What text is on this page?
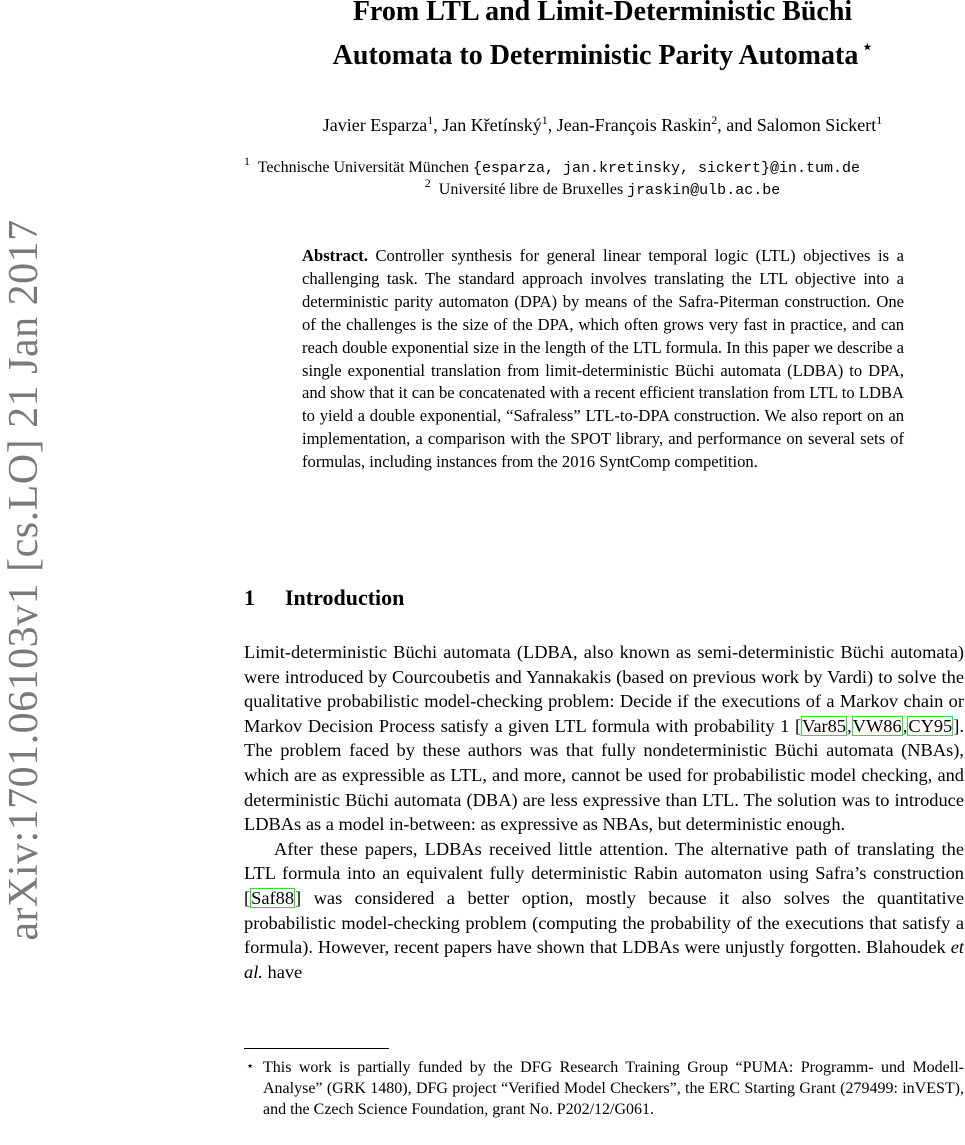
arXiv:1701.06103v1 [cs.LO] 21 Jan 2017
From LTL and Limit-Deterministic Büchi
Automata to Deterministic Parity Automata ⋆
Javier Esparza$^1$, Jan Křetínský$^1$, Jean-François Raskin$^2$, and Salomon Sickert$^1$
$^1$ Technische Universität München {esparza, jan.kretinsky, sickert}@in.tum.de
$^2$ Université libre de Bruxelles jraskin@ulb.ac.be

Abstract. Controller synthesis for general linear temporal logic (LTL) objectives is a challenging task. The standard approach involves translating the LTL objective into a deterministic parity automaton (DPA) by means of the Safra-Piterman construction. One of the challenges is the size of the DPA, which often grows very fast in practice, and can reach double exponential size in the length of the LTL formula. In this paper we describe a single exponential translation from limit-deterministic Büchi automata (LDBA) to DPA, and show that it can be concatenated with a recent efficient translation from LTL to LDBA to yield a double exponential, “Safraless” LTL-to-DPA construction. We also report on an implementation, a comparison with the SPOT library, and performance on several sets of formulas, including instances from the 2016 SyntComp competition.

1 Introduction

Limit-deterministic Büchi automata (LDBA, also known as semi-deterministic Büchi automata) were introduced by Courcoubetis and Yannakakis (based on previous work by Vardi) to solve the qualitative probabilistic model-checking problem: Decide if the executions of a Markov chain or Markov Decision Process satisfy a given LTL formula with probability 1 [Var85,VW86,CY95]. The problem faced by these authors was that fully nondeterministic Büchi automata (NBAs), which are as expressible as LTL, and more, cannot be used for probabilistic model checking, and deterministic Büchi automata (DBA) are less expressive than LTL. The solution was to introduce LDBAs as a model in-between: as expressive as NBAs, but deterministic enough.

After these papers, LDBAs received little attention. The alternative path of translating the LTL formula into an equivalent fully deterministic Rabin automaton using Safra’s construction [Saf88] was considered a better option, mostly because it also solves the quantitative probabilistic model-checking problem (computing the probability of the executions that satisfy a formula). However, recent papers have shown that LDBAs were unjustly forgotten. Blahoudek et al. have

⋆ This work is partially funded by the DFG Research Training Group “PUMA: Programm- und Modell-Analyse” (GRK 1480), DFG project “Verified Model Checkers”, the ERC Starting Grant (279499: inVEST), and the Czech Science Foundation, grant No. P202/12/G061.
